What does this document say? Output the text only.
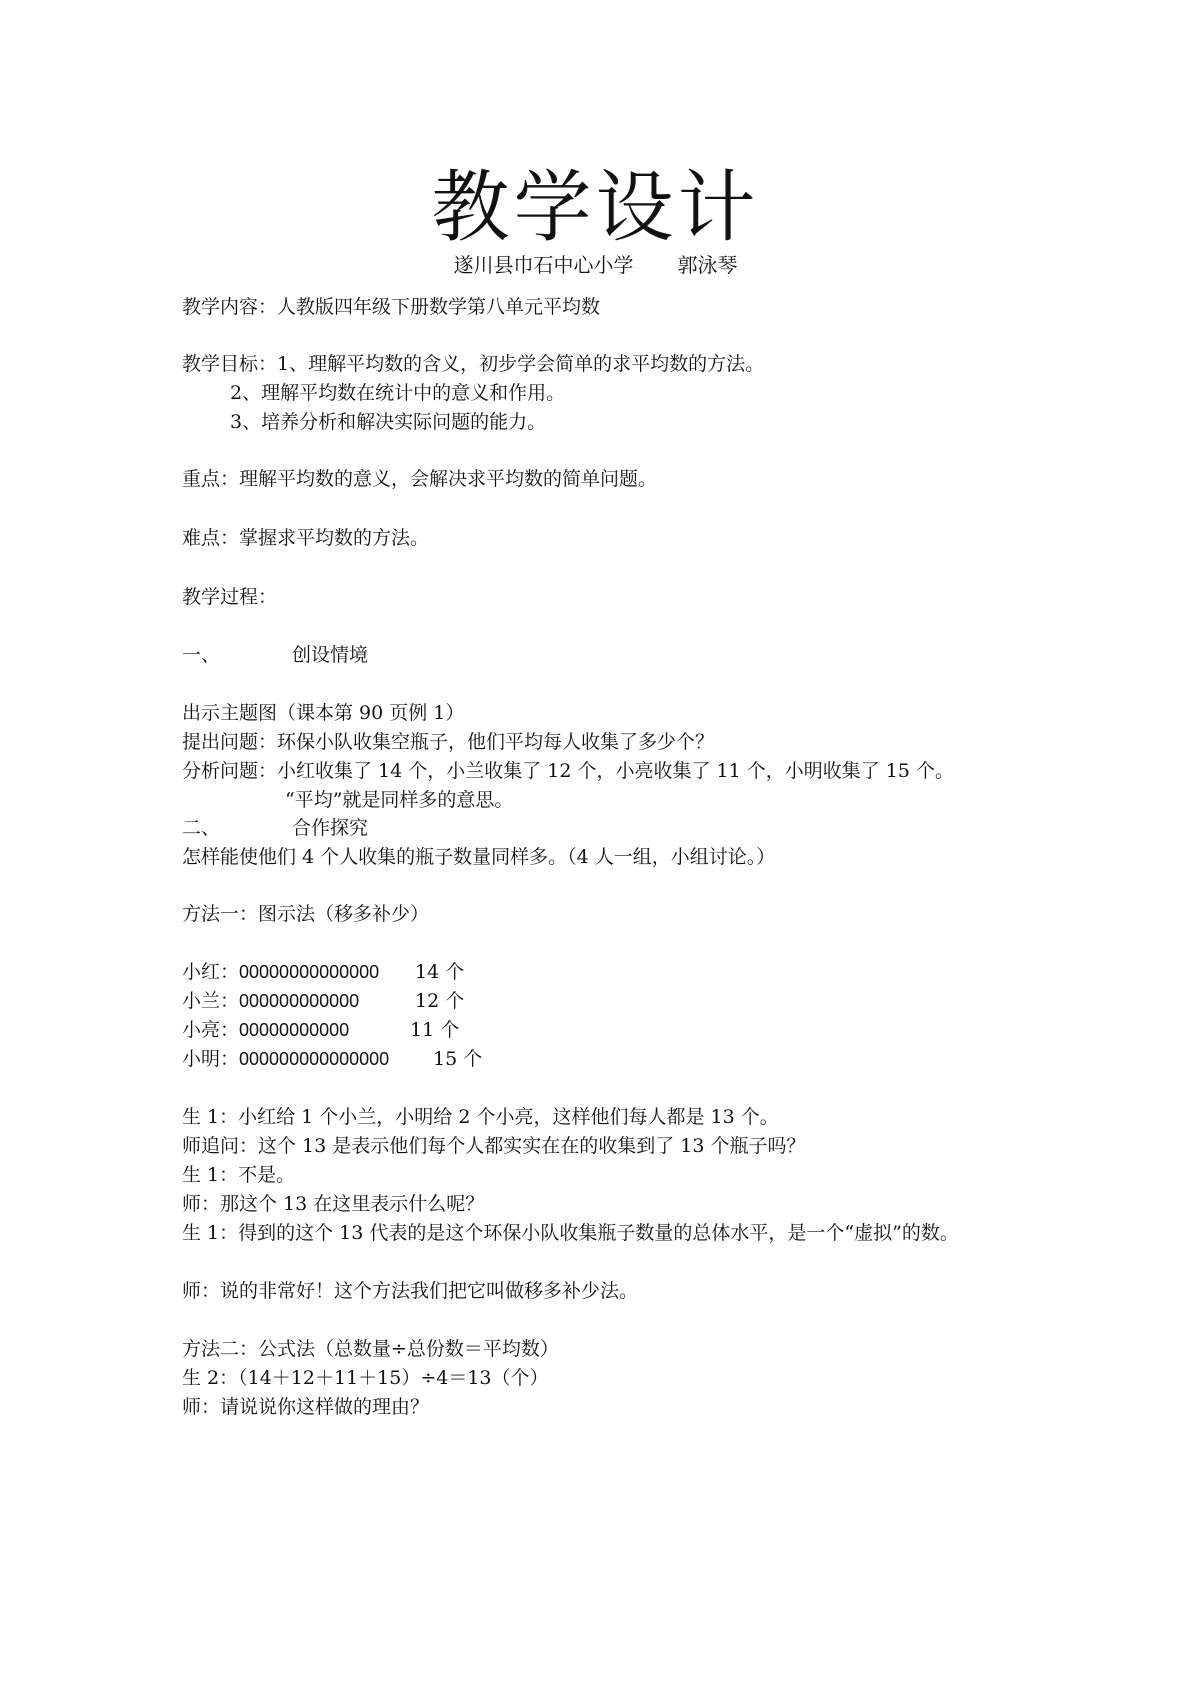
教学设计
遂川县巾石中心小学 郭泳琴
教学内容：人教版四年级下册数学第八单元平均数
教学目标：1、理解平均数的含义，初步学会简单的求平均数的方法。
2、理解平均数在统计中的意义和作用。
3、培养分析和解决实际问题的能力。
重点：理解平均数的意义，会解决求平均数的简单问题。
难点：掌握求平均数的方法。
教学过程：
一、	创设情境
出示主题图（课本第 90 页例 1）
提出问题：环保小队收集空瓶子，他们平均每人收集了多少个？
分析问题：小红收集了 14 个，小兰收集了 12 个，小亮收集了 11 个，小明收集了 15 个。
“平均”就是同样多的意思。
二、	合作探究
怎样能使他们 4 个人收集的瓶子数量同样多。（4 人一组，小组讨论。）
方法一：图示法（移多补少）
小红：00000000000000 14 个
小兰：000000000000	12 个
小亮：00000000000	11 个
小明：000000000000000 15 个
生 1：小红给 1 个小兰，小明给 2 个小亮，这样他们每人都是 13 个。
师追问：这个 13 是表示他们每个人都实实在在的收集到了 13 个瓶子吗？
生 1：不是。
师：那这个 13 在这里表示什么呢？
生 1：得到的这个 13 代表的是这个环保小队收集瓶子数量的总体水平，是一个“虚拟”的数。
师：说的非常好！这个方法我们把它叫做移多补少法。
方法二：公式法（总数量÷总份数＝平均数）
生 2：（14＋12＋11＋15）÷4＝13（个）
师：请说说你这样做的理由？
